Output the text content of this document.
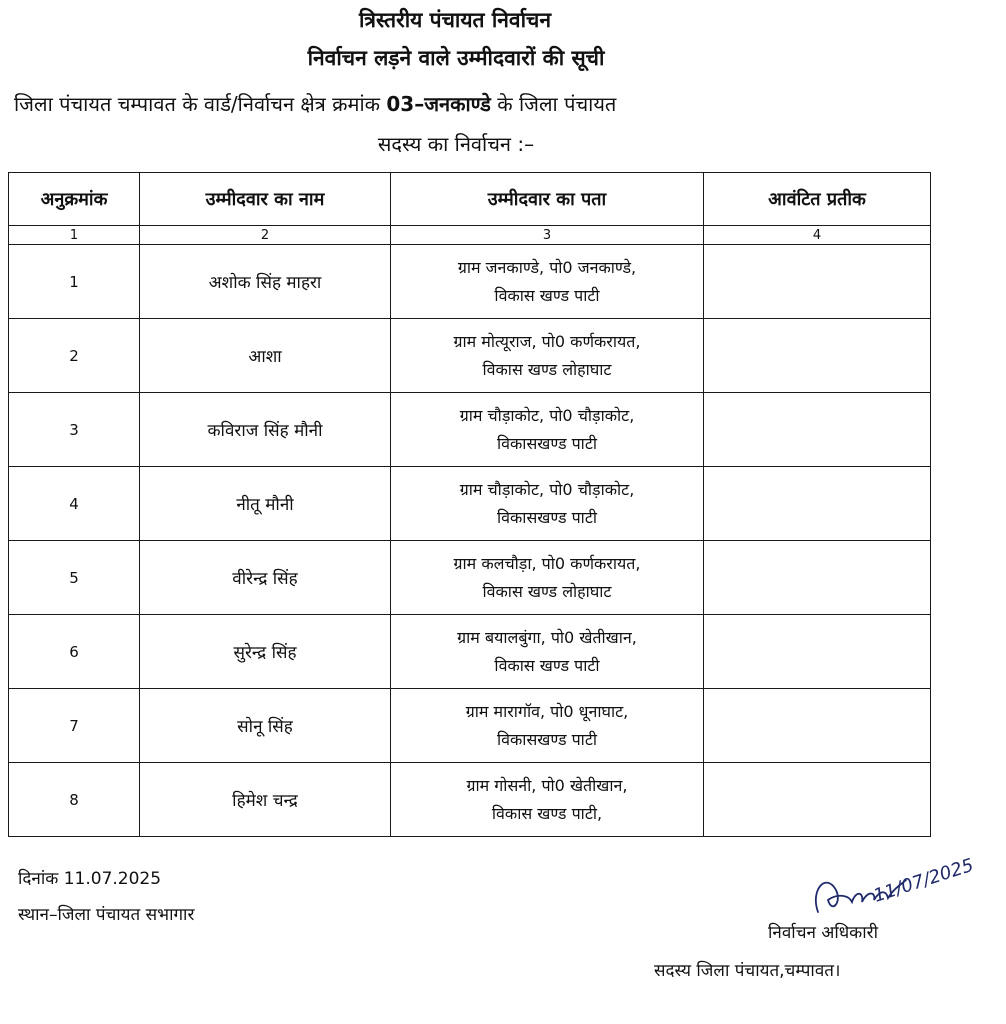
त्रिस्तरीय पंचायत निर्वाचन
निर्वाचन लड़ने वाले उम्मीदवारों की सूची
जिला पंचायत चम्पावत के वार्ड/निर्वाचन क्षेत्र क्रमांक 03–जनकाण्डे के जिला पंचायत
सदस्य का निर्वाचन :–
अनुक्रमांक	उम्मीदवार का नाम	उम्मीदवार का पता	आवंटित प्रतीक
1	2	3	4
1	अशोक सिंह माहरा	ग्राम जनकाण्डे, पो0 जनकाण्डे,
विकास खण्ड पाटी	

2	आशा	ग्राम मोत्यूराज, पो0 कर्णकरायत,
विकास खण्ड लोहाघाट	

3	कविराज सिंह मौनी	ग्राम चौड़ाकोट, पो0 चौड़ाकोट,
विकासखण्ड पाटी	

4	नीतू मौनी	ग्राम चौड़ाकोट, पो0 चौड़ाकोट,
विकासखण्ड पाटी	

5	वीरेन्द्र सिंह	ग्राम कलचौड़ा, पो0 कर्णकरायत,
विकास खण्ड लोहाघाट	

6	सुरेन्द्र सिंह	ग्राम बयालबुंगा, पो0 खेतीखान,
विकास खण्ड पाटी	

7	सोनू सिंह	ग्राम मारागॉव, पो0 धूनाघाट,
विकासखण्ड पाटी	

8	हिमेश चन्द्र	ग्राम गोसनी, पो0 खेतीखान,
विकास खण्ड पाटी,	

दिनांक 11.07.2025
स्थान–जिला पंचायत सभागार
11/07/2025
निर्वाचन अधिकारी
सदस्य जिला पंचायत,चम्पावत।
